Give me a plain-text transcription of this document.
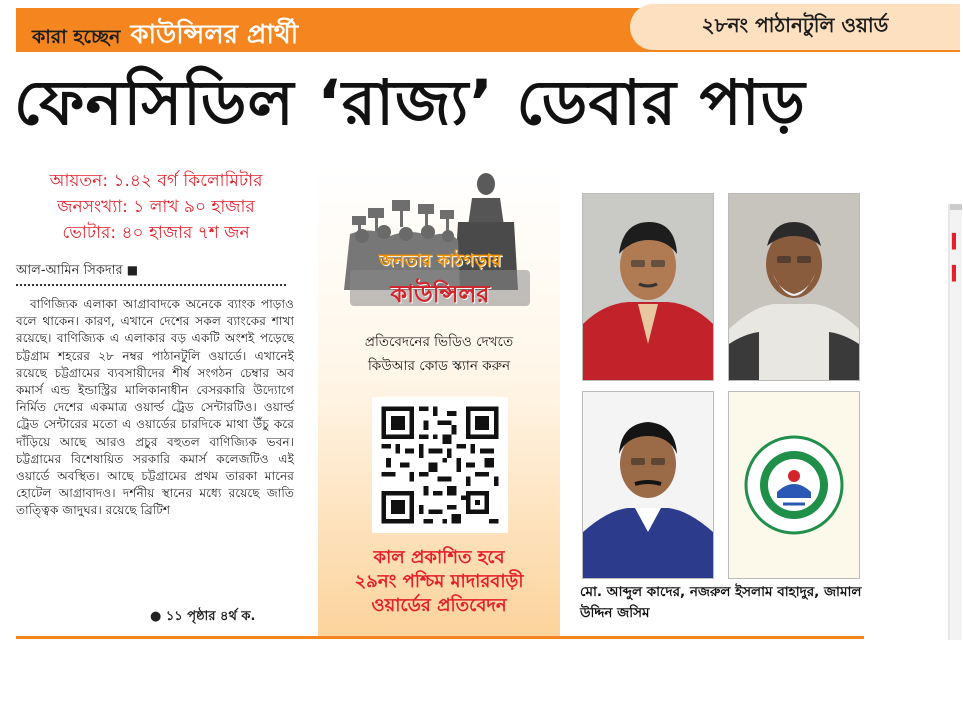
কারা হচ্ছেন কাউন্সিলর প্রার্থী	২৮নং পাঠানটুলি ওয়ার্ড
ফেনসিডিল ‘রাজ্য’ ডেবার পাড়
আয়তন: ১.৪২ বর্গ কিলোমিটার
জনসংখ্যা: ১ লাখ ৯০ হাজার
ভোটার: ৪০ হাজার ৭শ জন
আল-আমিন সিকদার ■
বাণিজ্যিক এলাকা আগ্রাবাদকে অনেকে ব্যাংক পাড়াও বলে থাকেন। কারণ, এখানে দেশের সকল ব্যাংকের শাখা রয়েছে। বাণিজ্যিক এ এলাকার বড় একটি অংশই পড়েছে চট্টগ্রাম শহরের ২৮ নম্বর পাঠানটুলি ওয়ার্ডে। এখানেই রয়েছে চট্টগ্রামের ব্যবসায়ীদের শীর্ষ সংগঠন চেম্বার অব কমার্স এন্ড ইন্ডাস্ট্রির মালিকানাধীন বেসরকারি উদ্যোগে নির্মিত দেশের একমাত্র ওয়ার্ল্ড ট্রেড সেন্টারটিও। ওয়ার্ল্ড ট্রেড সেন্টারের মতো এ ওয়ার্ডের চারদিকে মাথা উঁচু করে দাঁড়িয়ে আছে আরও প্রচুর বহুতল বাণিজ্যিক ভবন। চট্টগ্রামের বিশেষায়িত সরকারি কমার্স কলেজটিও এই ওয়ার্ডে অবস্থিত। আছে চট্টগ্রামের প্রথম তারকা মানের হোটেল আগ্রাবাদও। দর্শনীয় স্থানের মধ্যে রয়েছে জাতি তাত্ত্বিক জাদুঘর। রয়েছে ব্রিটিশ
● ১১ পৃষ্ঠার ৪র্থ ক.
জনতার কাঠগড়ায়
কাউন্সিলর
প্রতিবেদনের ভিডিও দেখতে
কিউআর কোড স্ক্যান করুন
কাল প্রকাশিত হবে
২৯নং পশ্চিম মাদারবাড়ী
ওয়ার্ডের প্রতিবেদন
মো. আব্দুল কাদের, নজরুল ইসলাম বাহাদুর, জামাল উদ্দিন জসিম
▍
▍
